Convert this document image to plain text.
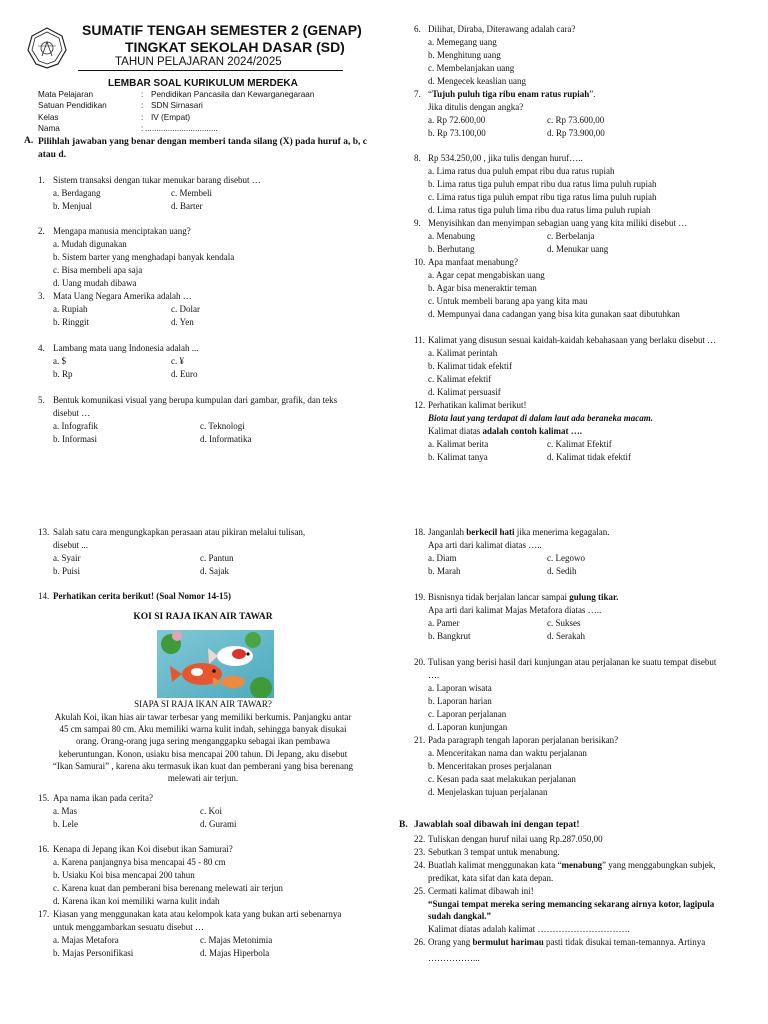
SUMATIF TENGAH SEMESTER 2 (GENAP)
TINGKAT SEKOLAH DASAR (SD)
TAHUN PELAJARAN 2024/2025
LEMBAR SOAL KURIKULUM MERDEKA
Mata Pelajaran	: Pendidikan Pancasila dan Kewarganegaraan
Satuan Pendidikan	: SDN Sirnasari
Kelas	: IV (Empat)
Nama	: ................................
A. Pilihlah jawaban yang benar dengan memberi tanda silang (X) pada huruf a, b, c atau d.
1. Sistem transaksi dengan tukar menukar barang disebut …
a. Berdagang	c. Membeli
b. Menjual	d. Barter
2. Mengapa manusia menciptakan uang?
a. Mudah digunakan
b. Sistem barter yang menghadapi banyak kendala
c. Bisa membeli apa saja
d. Uang mudah dibawa
3. Mata Uang Negara Amerika adalah …
a. Rupiah	c. Dolar
b. Ringgit	d. Yen
4. Lambang mata uang Indonesia adalah ...
a. $	c. ¥
b. Rp	d. Euro
5. Bentuk komunikasi visual yang berupa kumpulan dari gambar, grafik, dan teks
disebut …
a. Infografik	c. Teknologi
b. Informasi	d. Informatika
13. Salah satu cara mengungkapkan perasaan atau pikiran melalui tulisan,
disebut ...
a. Syair	c. Pantun
b. Puisi	d. Sajak
14. Perhatikan cerita berikut! (Soal Nomor 14-15)
KOI SI RAJA IKAN AIR TAWAR
SIAPA SI RAJA IKAN AIR TAWAR?
Akulah Koi, ikan hias air tawar terbesar yang memiliki berkumis. Panjangku antar
45 cm sampai 80 cm. Aku memiliki warna kulit indah, sehingga banyak disukai
orang. Orang-orang juga sering menganggapku sebagai ikan pembawa
keberuntungan. Konon, usiaku bisa mencapai 200 tahun. Di Jepang, aku disebut
“Ikan Samurai” , karena aku termasuk ikan kuat dan pemberani yang bisa berenang
melewati air terjun.
15. Apa nama ikan pada cerita?
a. Mas	c. Koi
b. Lele	d. Gurami
16. Kenapa di Jepang ikan Koi disebut ikan Samurai?
a. Karena panjangnya bisa mencapai 45 - 80 cm
b. Usiaku Koi bisa mencapai 200 tahun
c. Karena kuat dan pemberani bisa berenang melewati air terjun
d. Karena ikan koi memiliki warna kulit indah
17. Kiasan yang menggunakan kata atau kelompok kata yang bukan arti sebenarnya
untuk menggambarkan sesuatu disebut …
a. Majas Metafora	c. Majas Metonimia
b. Majas Personifikasi	d. Majas Hiperbola
6. Dilihat, Diraba, Diterawang adalah cara?
a. Memegang uang
b. Menghitung uang
c. Membelanjakan uang
d. Mengecek keaslian uang
7. “Tujuh puluh tiga ribu enam ratus rupiah”.
Jika ditulis dengan angka?
a. Rp 72.600,00	c. Rp 73.600,00
b. Rp 73.100,00	d. Rp 73.900,00
8. Rp 534.250,00 , jika tulis dengan huruf…..
a. Lima ratus dua puluh empat ribu dua ratus rupiah
b. Lima ratus tiga puluh empat ribu dua ratus lima puluh rupiah
c. Lima ratus tiga puluh empat ribu tiga ratus lima puluh rupiah
d. Lima ratus tiga puluh lima ribu dua ratus lima puluh rupiah
9. Menyisihkan dan menyimpan sebagian uang yang kita miliki disebut …
a. Menabung	c. Berbelanja
b. Berhutang	d. Menukar uang
10. Apa manfaat menabung?
a. Agar cepat mengabiskan uang
b. Agar bisa meneraktir teman
c. Untuk membeli barang apa yang kita mau
d. Mempunyai dana cadangan yang bisa kita gunakan saat dibutuhkan
11. Kalimat yang disusun sesuai kaidah-kaidah kebahasaan yang berlaku disebut …
a. Kalimat perintah
b. Kalimat tidak efektif
c. Kalimat efektif
d. Kalimat persuasif
12. Perhatikan kalimat berikut!
Biota laut yang terdapat di dalam laut ada beraneka macam.
Kalimat diatas adalah contoh kalimat ….
a. Kalimat berita	c. Kalimat Efektif
b. Kalimat tanya	d. Kalimat tidak efektif
18. Janganlah berkecil hati jika menerima kegagalan.
Apa arti dari kalimat diatas …..
a. Diam	c. Legowo
b. Marah	d. Sedih
19. Bisnisnya tidak berjalan lancar sampai gulung tikar.
Apa arti dari kalimat Majas Metafora diatas …..
a. Pamer	c. Sukses
b. Bangkrut	d. Serakah
20. Tulisan yang berisi hasil dari kunjungan atau perjalanan ke suatu tempat disebut
….
a. Laporan wisata
b. Laporan harian
c. Laporan perjalanan
d. Laporan kunjungan
21. Pada paragraph tengah laporan perjalanan berisikan?
a. Menceritakan nama dan waktu perjalanan
b. Menceritakan proses perjalanan
c. Kesan pada saat melakukan perjalanan
d. Menjelaskan tujuan perjalanan
B. Jawablah soal dibawah ini dengan tepat!
22. Tuliskan dengan huruf nilai uang Rp.287.050,00
23. Sebutkan 3 tempat untuk menabung.
24. Buatlah kalimat menggunakan kata “menabung” yang menggabungkan subjek,
predikat, kata sifat dan kata depan.
25. Cermati kalimat dibawah ini!
“Sungai tempat mereka sering memancing sekarang airnya kotor, lagipula
sudah dangkal.”
Kalimat diatas adalah kalimat ………………………….
26. Orang yang bermulut harimau pasti tidak disukai teman-temannya. Artinya
……………...
